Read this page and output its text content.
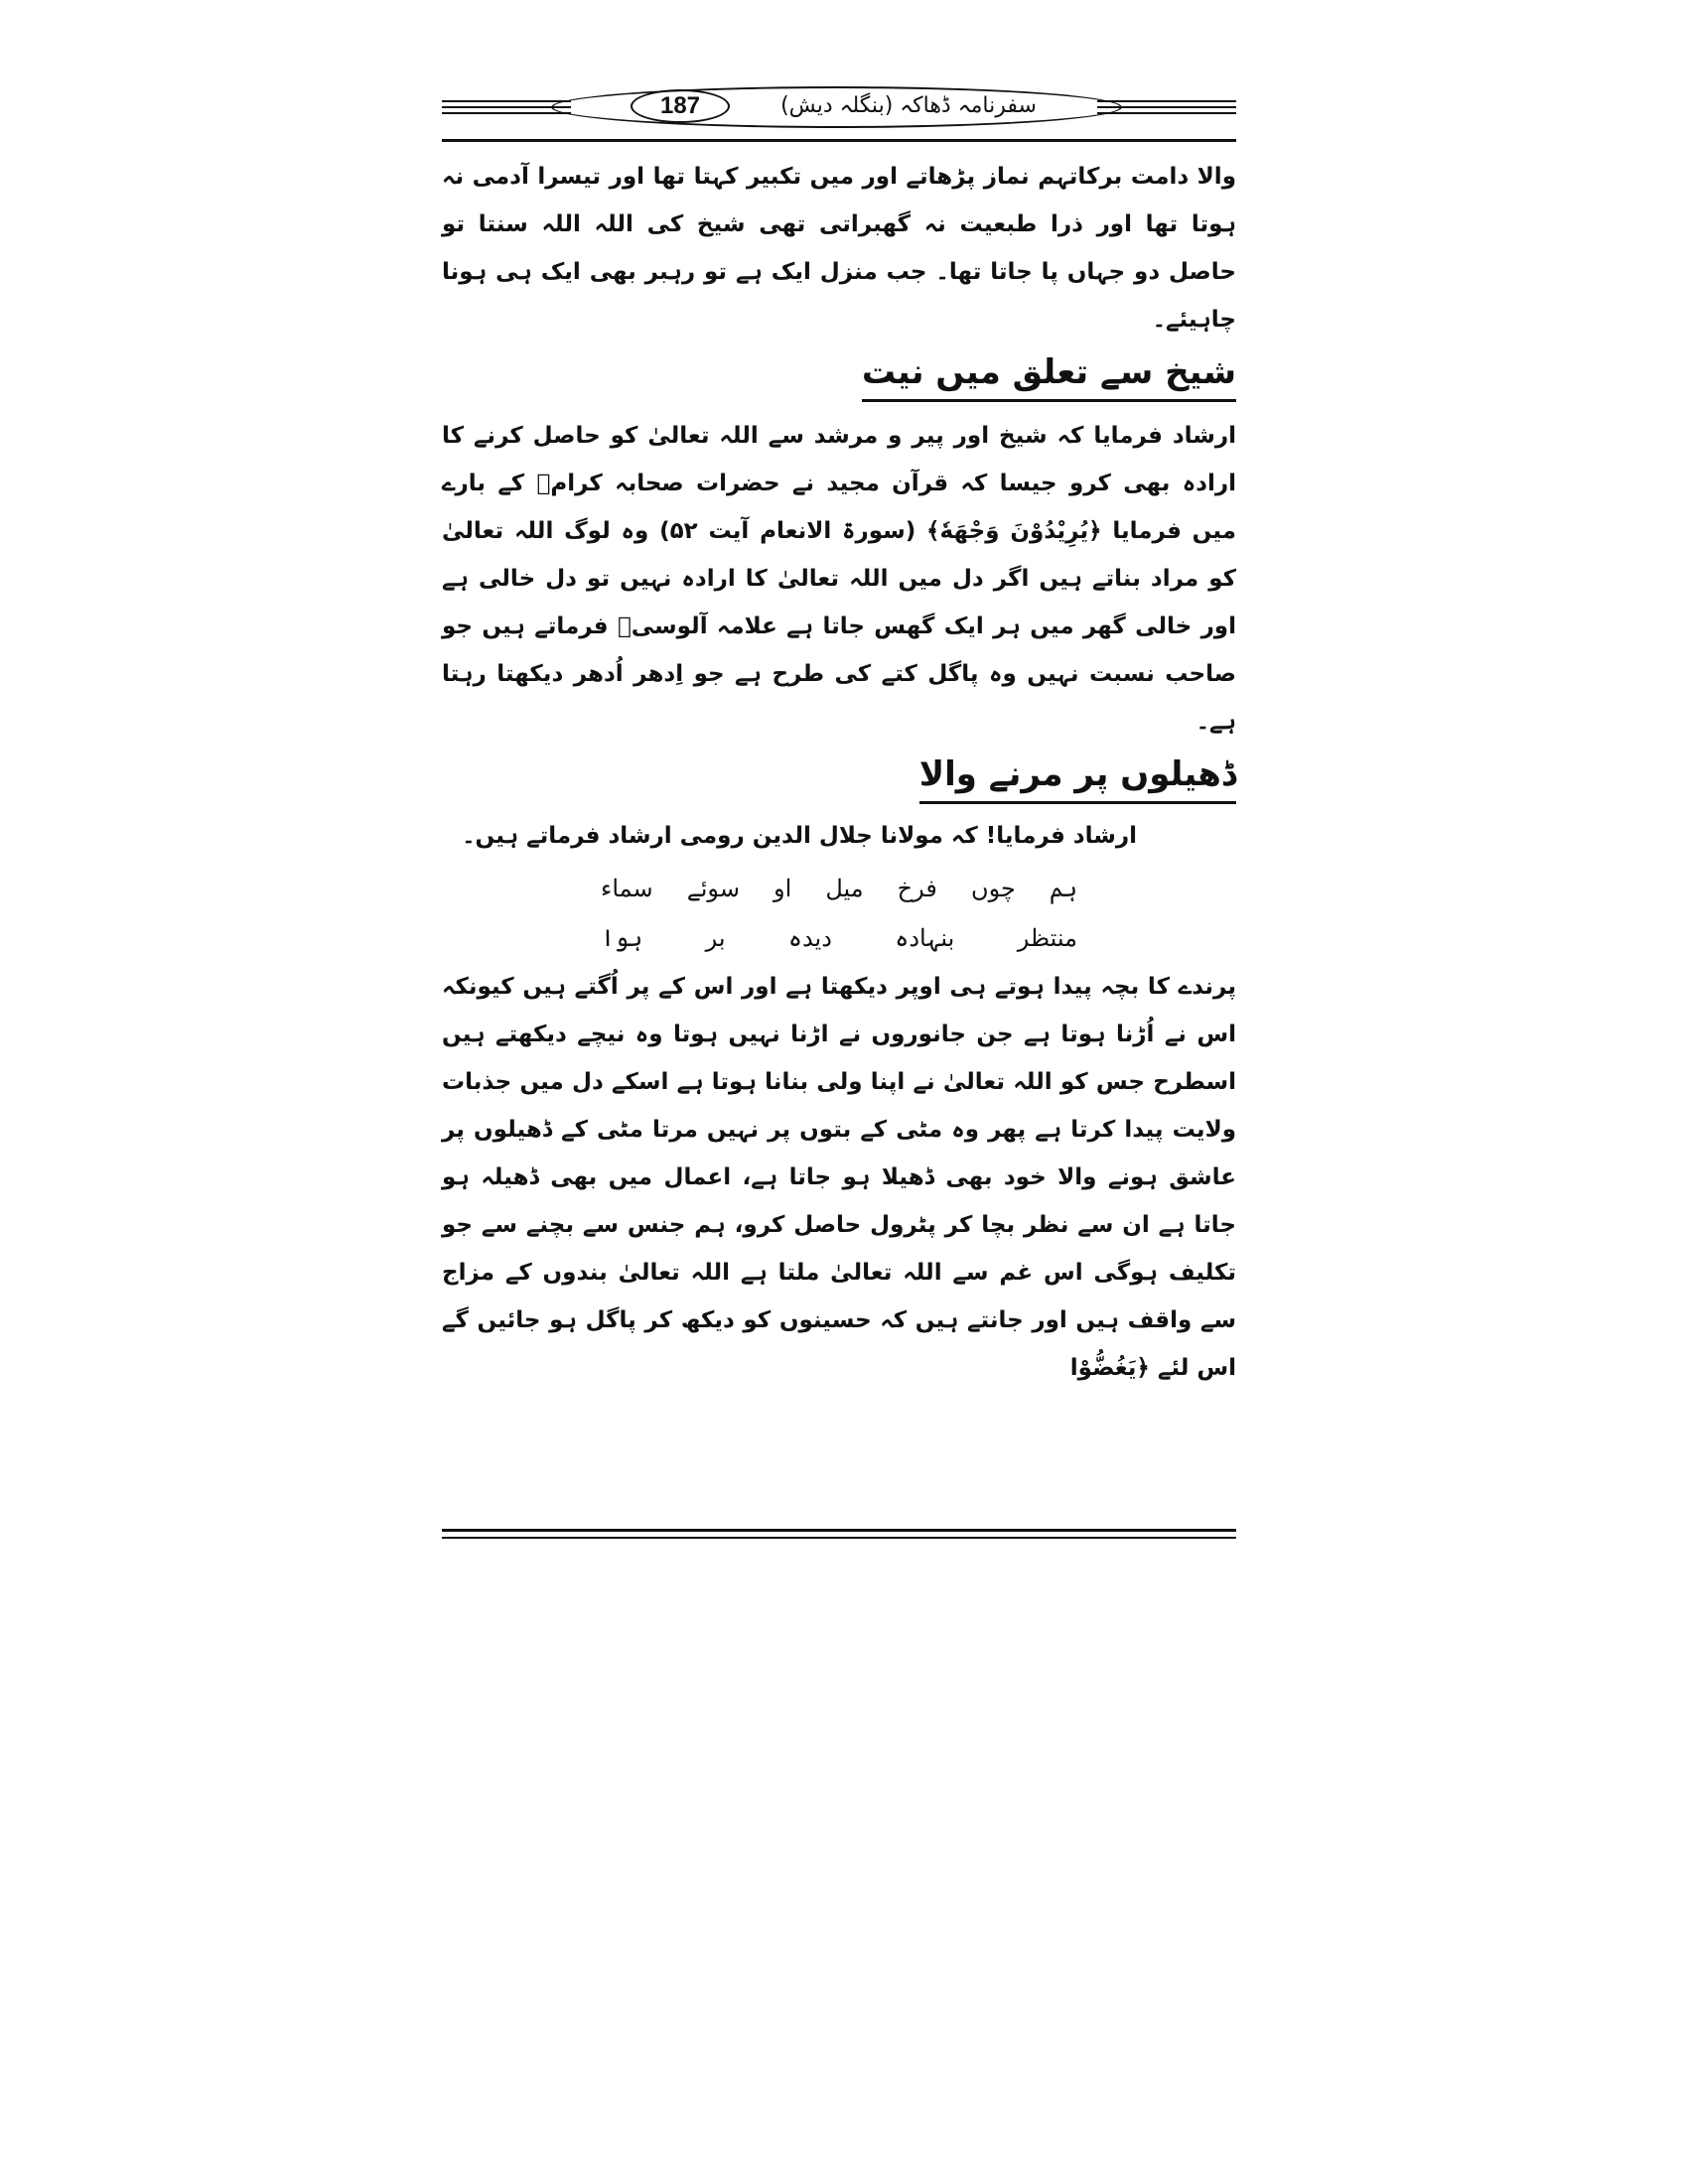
187	سفرنامہ ڈھاکہ (بنگلہ دیش)

والا دامت برکاتہم نماز پڑھاتے اور میں تکبیر کہتا تھا اور تیسرا آدمی نہ ہوتا تھا اور ذرا طبعیت نہ گھبراتی تھی شیخ کی اللہ اللہ سنتا تو حاصل دو جہاں پا جاتا تھا۔ جب منزل ایک ہے تو رہبر بھی ایک ہی ہونا چاہیئے۔

شیخ سے تعلق میں نیت

ارشاد فرمایا کہ شیخ اور پیر و مرشد سے اللہ تعالیٰ کو حاصل کرنے کا ارادہ بھی کرو جیسا کہ قرآن مجید نے حضرات صحابہ کرامؓ کے بارے میں فرمایا ﴿یُرِیْدُوْنَ وَجْهَهٗ﴾ (سورۃ الانعام آیت ۵۲) وہ لوگ اللہ تعالیٰ کو مراد بناتے ہیں اگر دل میں اللہ تعالیٰ کا ارادہ نہیں تو دل خالی ہے اور خالی گھر میں ہر ایک گھس جاتا ہے علامہ آلوسیؒ فرماتے ہیں جو صاحب نسبت نہیں وہ پاگل کتے کی طرح ہے جو اِدھر اُدھر دیکھتا رہتا ہے۔

ڈھیلوں پر مرنے والا

ارشاد فرمایا! کہ مولانا جلال الدین رومی ارشاد فرماتے ہیں۔

ہم
چوں
فرخ
میل
او
سوئے
سماء
منتظر
بنہادہ
دیدہ
بر
ہوا

پرندے کا بچہ پیدا ہوتے ہی اوپر دیکھتا ہے اور اس کے پر اُگتے ہیں کیونکہ اس نے اُڑنا ہوتا ہے جن جانوروں نے اڑنا نہیں ہوتا وہ نیچے دیکھتے ہیں اسطرح جس کو اللہ تعالیٰ نے اپنا ولی بنانا ہوتا ہے اسکے دل میں جذبات ولایت پیدا کرتا ہے پھر وہ مٹی کے بتوں پر نہیں مرتا مٹی کے ڈھیلوں پر عاشق ہونے والا خود بھی ڈھیلا ہو جاتا ہے، اعمال میں بھی ڈھیلہ ہو جاتا ہے ان سے نظر بچا کر پٹرول حاصل کرو، ہم جنس سے بچنے سے جو تکلیف ہوگی اس غم سے اللہ تعالیٰ ملتا ہے اللہ تعالیٰ بندوں کے مزاج سے واقف ہیں اور جانتے ہیں کہ حسینوں کو دیکھ کر پاگل ہو جائیں گے اس لئے ﴿یَغُضُّوْا
